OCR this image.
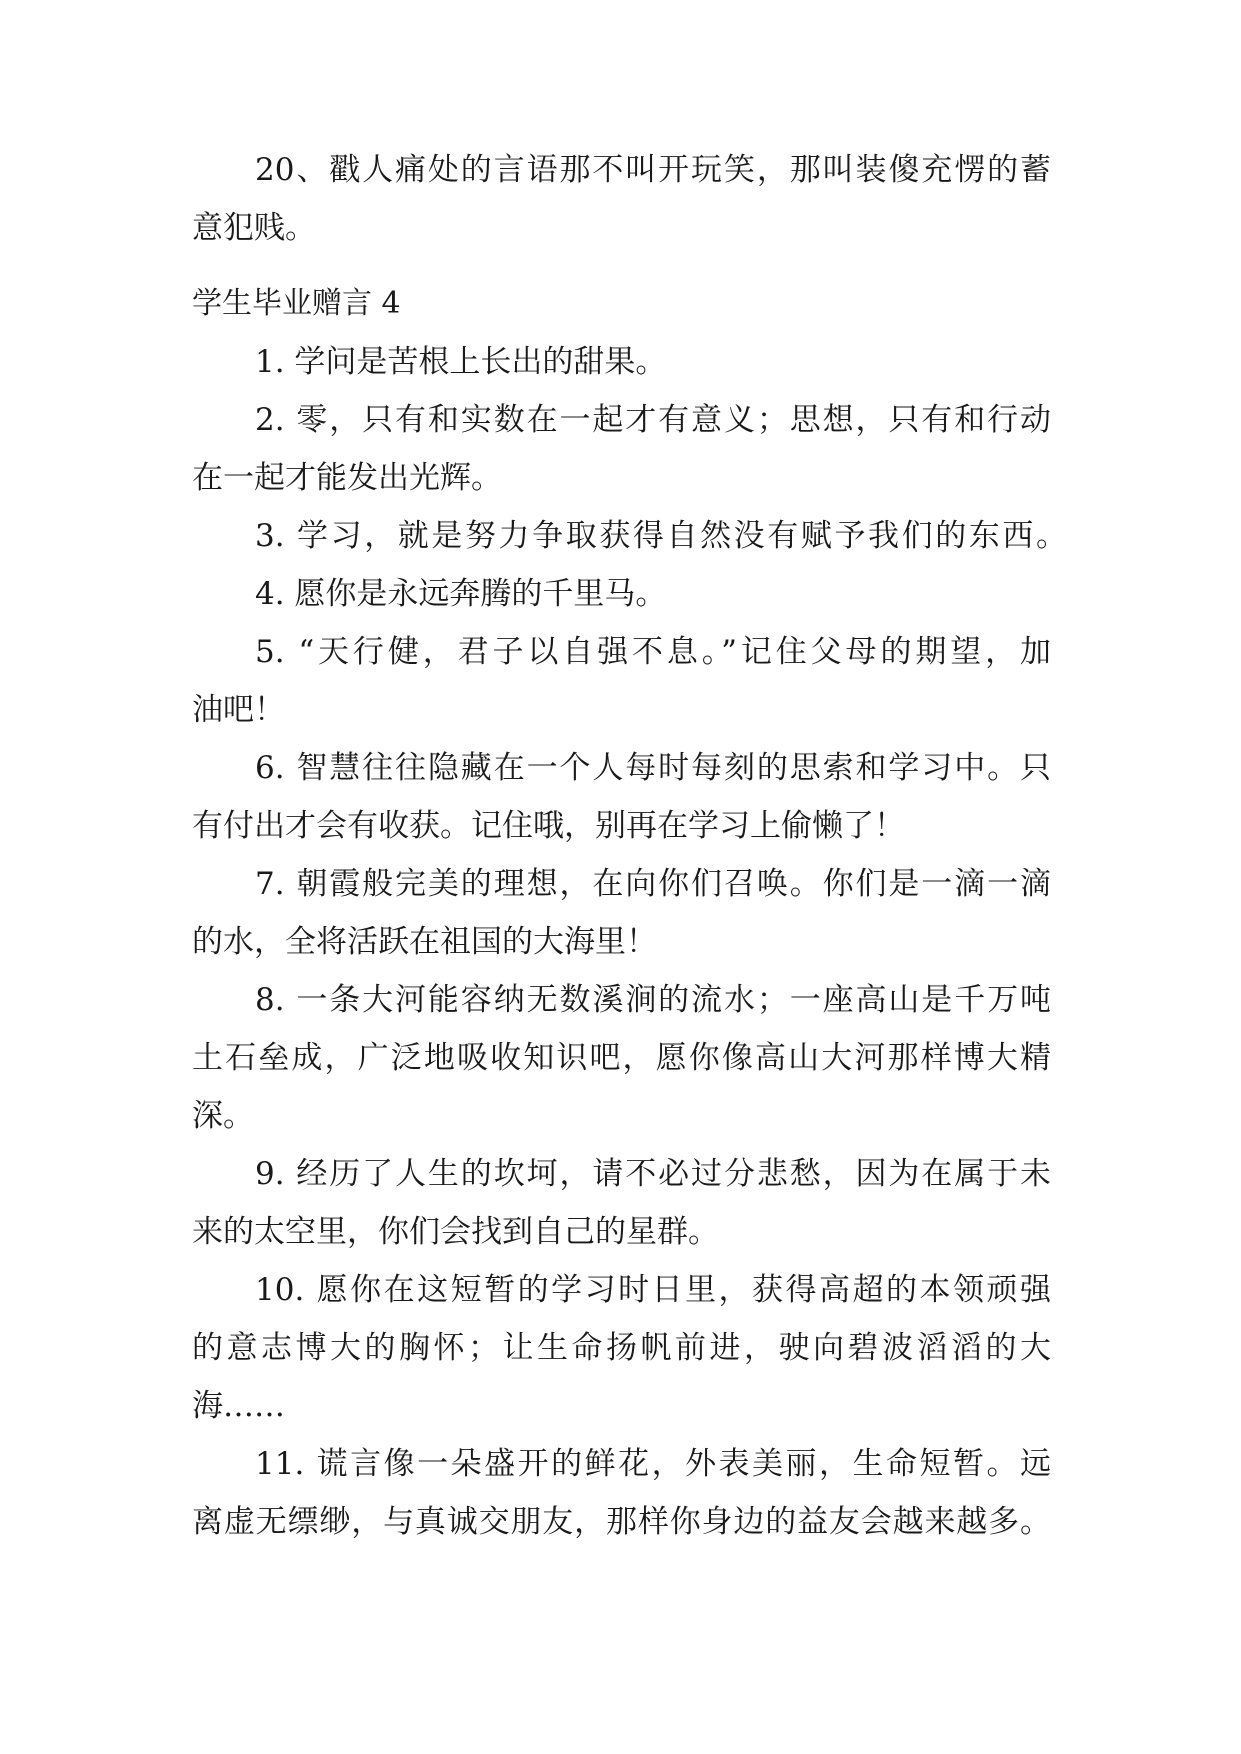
20、戳人痛处的言语那不叫开玩笑，那叫装傻充愣的蓄
意犯贱。
学生毕业赠言 4
1. 学问是苦根上长出的甜果。
2. 零，只有和实数在一起才有意义；思想，只有和行动
在一起才能发出光辉。
3. 学习，就是努力争取获得自然没有赋予我们的东西。
4. 愿你是永远奔腾的千里马。
5. “天行健，君子以自强不息。”记住父母的期望，加
油吧！
6. 智慧往往隐藏在一个人每时每刻的思索和学习中。只
有付出才会有收获。记住哦，别再在学习上偷懒了！
7. 朝霞般完美的理想，在向你们召唤。你们是一滴一滴
的水，全将活跃在祖国的大海里！
8. 一条大河能容纳无数溪涧的流水；一座高山是千万吨
土石垒成，广泛地吸收知识吧，愿你像高山大河那样博大精
深。
9. 经历了人生的坎坷，请不必过分悲愁，因为在属于未
来的太空里，你们会找到自己的星群。
10. 愿你在这短暂的学习时日里，获得高超的本领顽强
的意志博大的胸怀；让生命扬帆前进，驶向碧波滔滔的大
海……
11. 谎言像一朵盛开的鲜花，外表美丽，生命短暂。远
离虚无缥缈，与真诚交朋友，那样你身边的益友会越来越多。
